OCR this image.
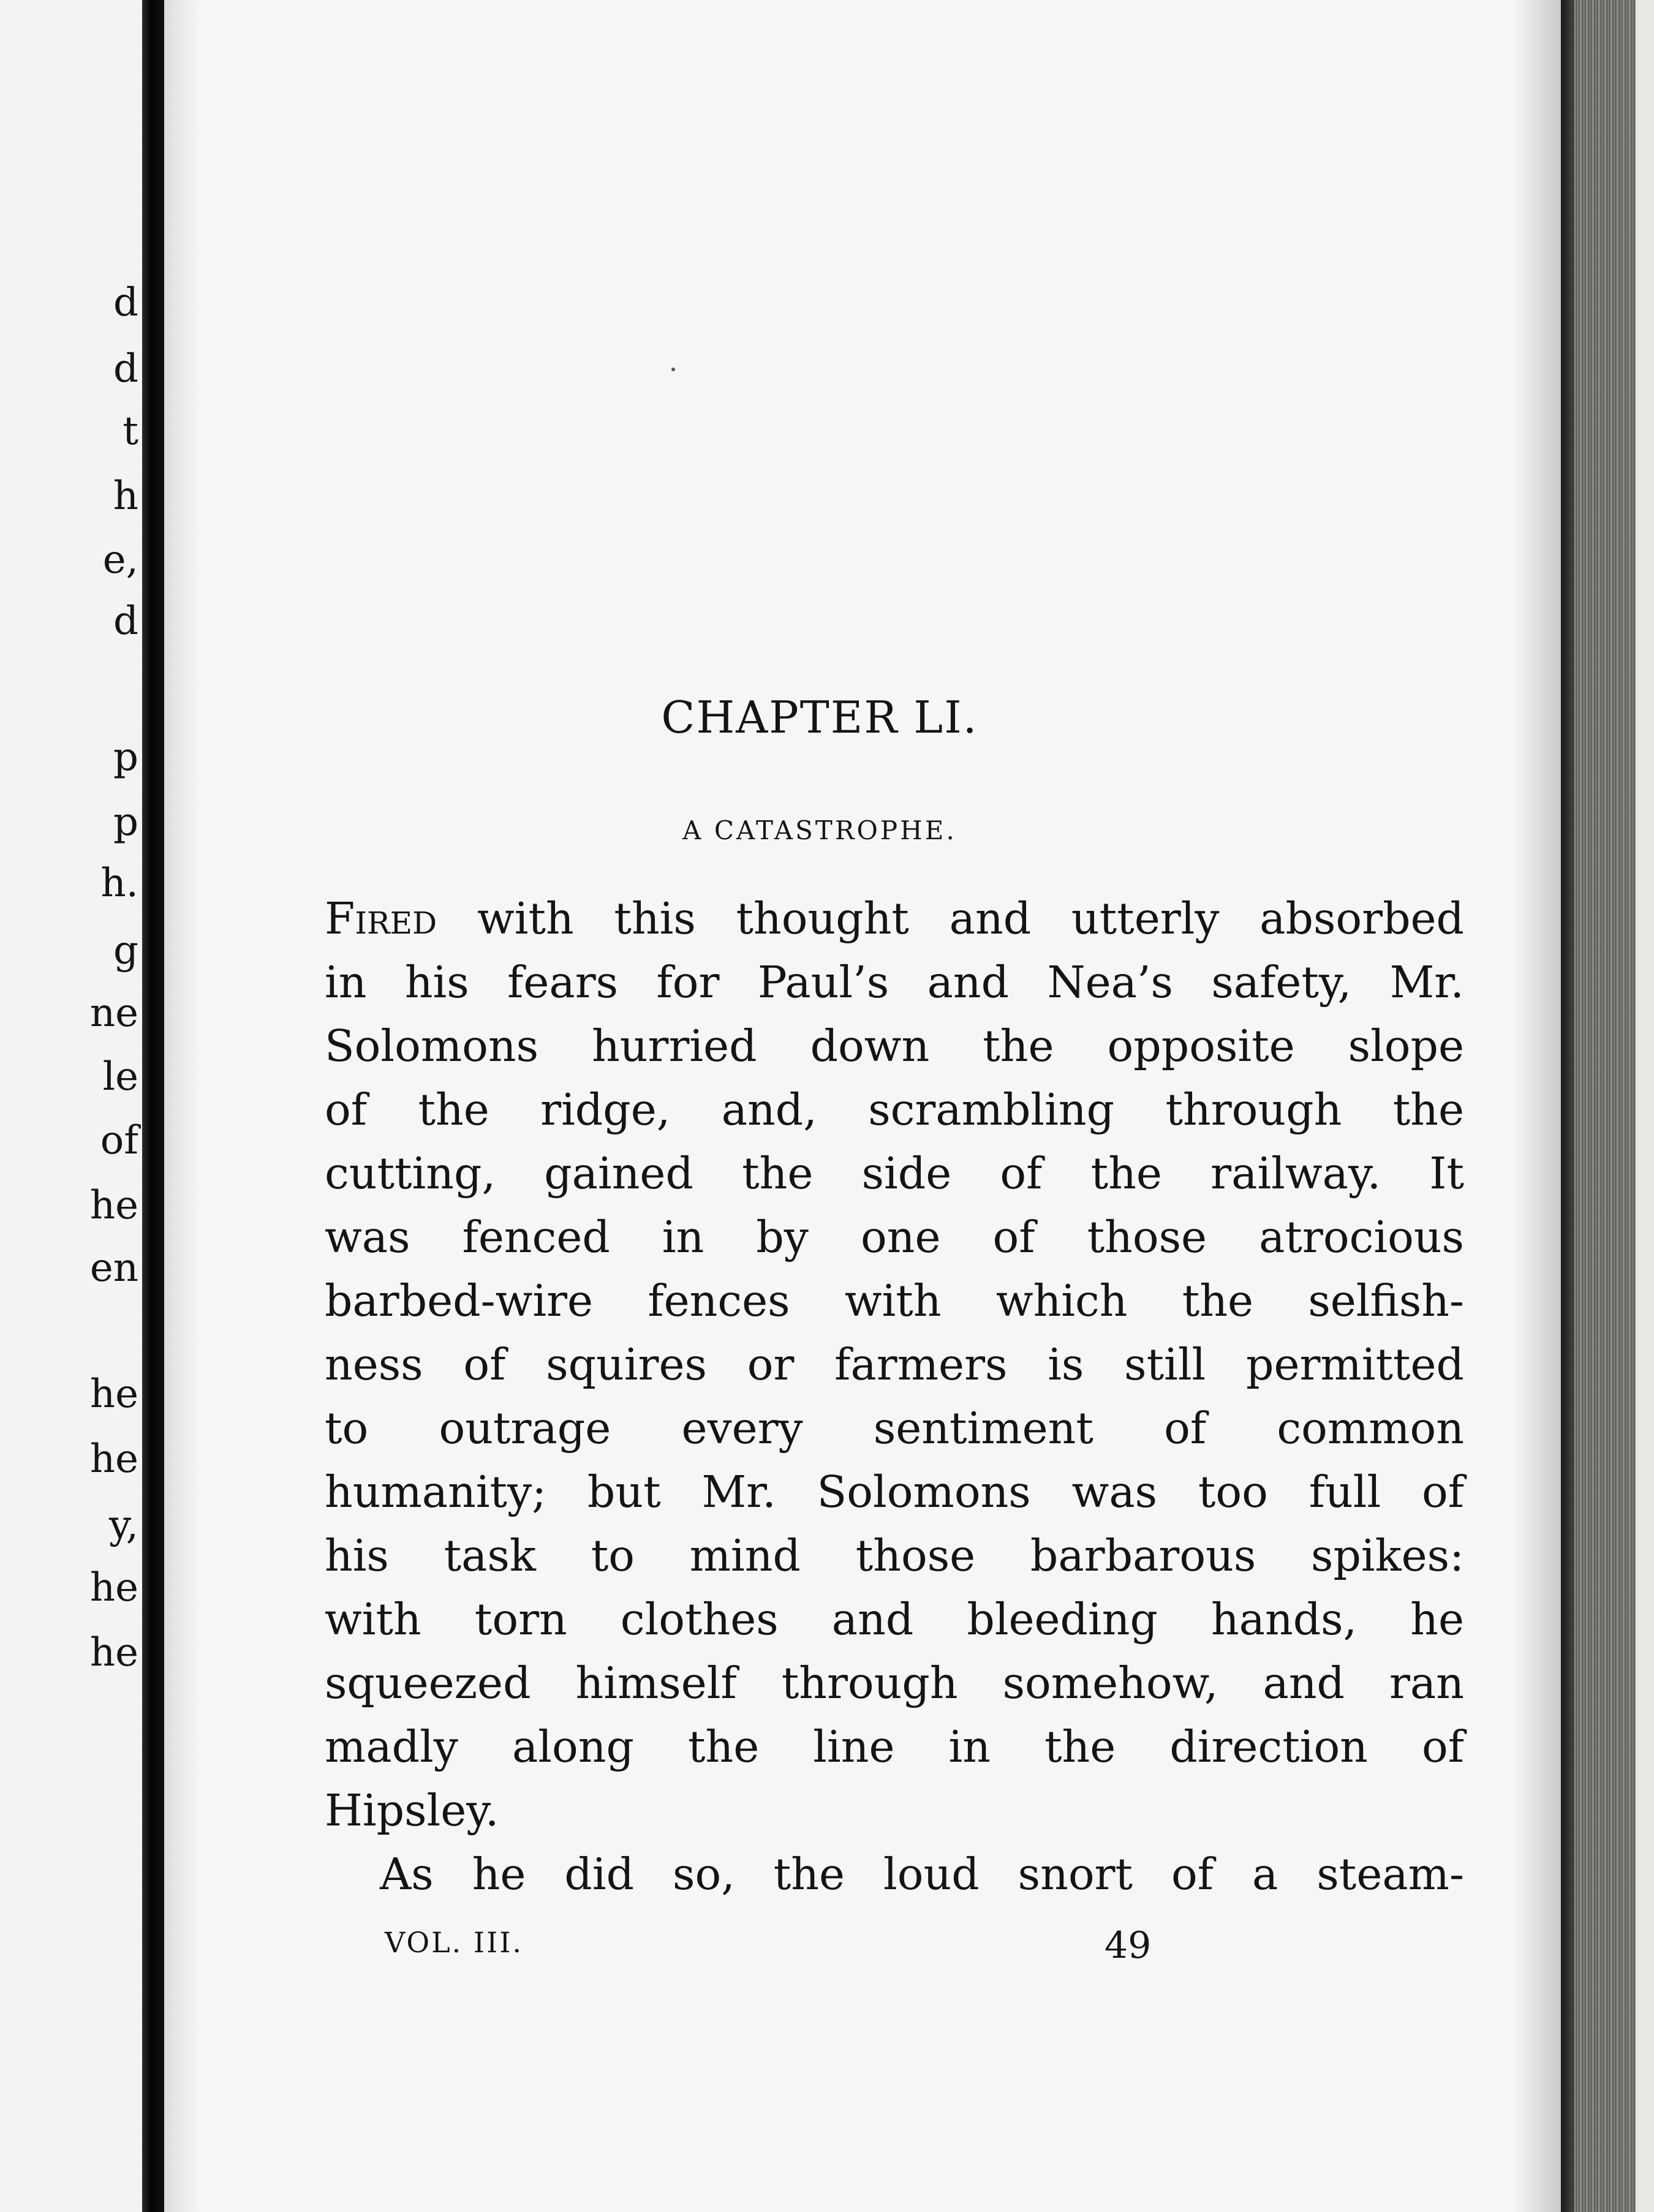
d
d
t
h
e,
d
p
p
h.
g
ne
le
of
he
en
he
he
y,
he
he
CHAPTER LI.
A CATASTROPHE.
Fired with this thought and utterly absorbed
in his fears for Paul’s and Nea’s safety, Mr.
Solomons hurried down the opposite slope
of the ridge, and, scrambling through the
cutting, gained the side of the railway. It
was fenced in by one of those atrocious
barbed-wire fences with which the selfish-
ness of squires or farmers is still permitted
to outrage every sentiment of common
humanity; but Mr. Solomons was too full of
his task to mind those barbarous spikes:
with torn clothes and bleeding hands, he
squeezed himself through somehow, and ran
madly along the line in the direction of
Hipsley.
As he did so, the loud snort of a steam-
VOL. III.	49
